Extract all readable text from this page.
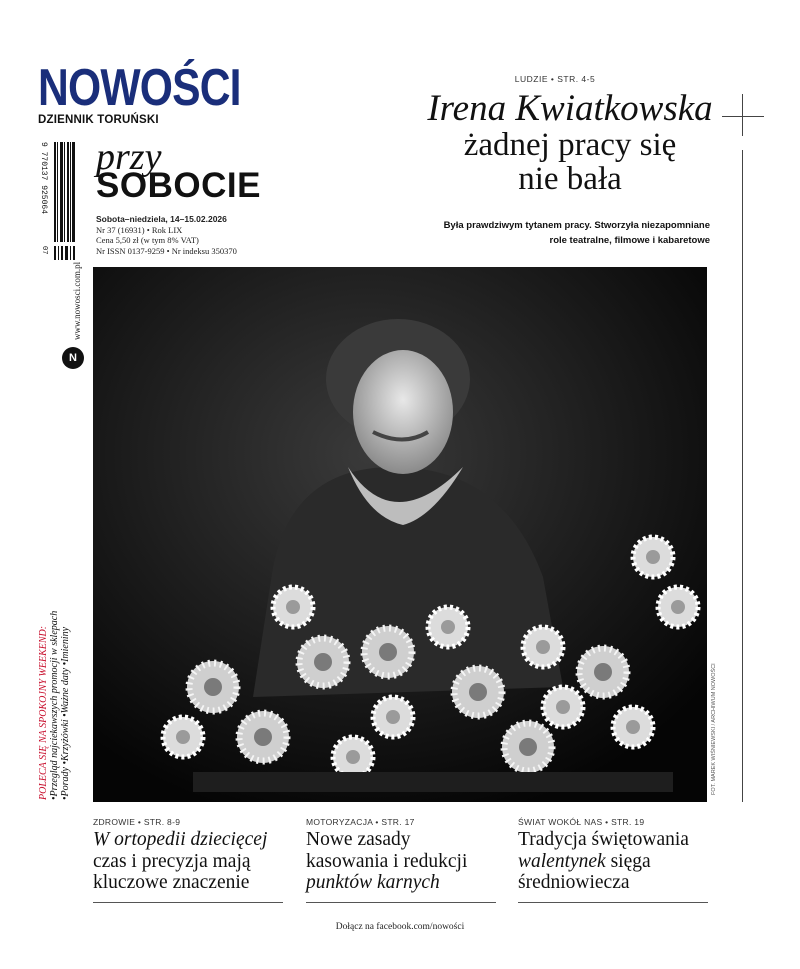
NOWOŚCI
DZIENNIK TORUŃSKI
9 770137 925064
07
przy
SOBOCIE
Sobota–niedziela, 14–15.02.2026
Nr 37 (16931) • Rok LIX
Cena 5,50 zł (w tym 8% VAT)
Nr ISSN 0137-9259 • Nr indeksu 350370
LUDZIE • STR. 4-5
Irena Kwiatkowska
żadnej pracy się
nie bała
Była prawdziwym tytanem pracy. Stworzyła niezapomniane
role teatralne, filmowe i kabaretowe
FOT. MAREK WIŚNIEWSKI / ARCHIWUM NOWOŚCI
N
www.nowosci.com.pl
POLECA SIĘ NA SPOKOJNY WEEKEND: •Przegląd najciekawszych promocji w sklepach •Porady •Krzyżówki •Ważne daty •Imieniny
ZDROWIE • STR. 8-9
W ortopedii dziecięcej
czas i precyzja mają
kluczowe znaczenie
MOTORYZACJA • STR. 17
Nowe zasady
kasowania i redukcji
punktów karnych
ŚWIAT WOKÓŁ NAS • STR. 19
Tradycja świętowania
walentynek sięga
średniowiecza
Dołącz na facebook.com/nowości
